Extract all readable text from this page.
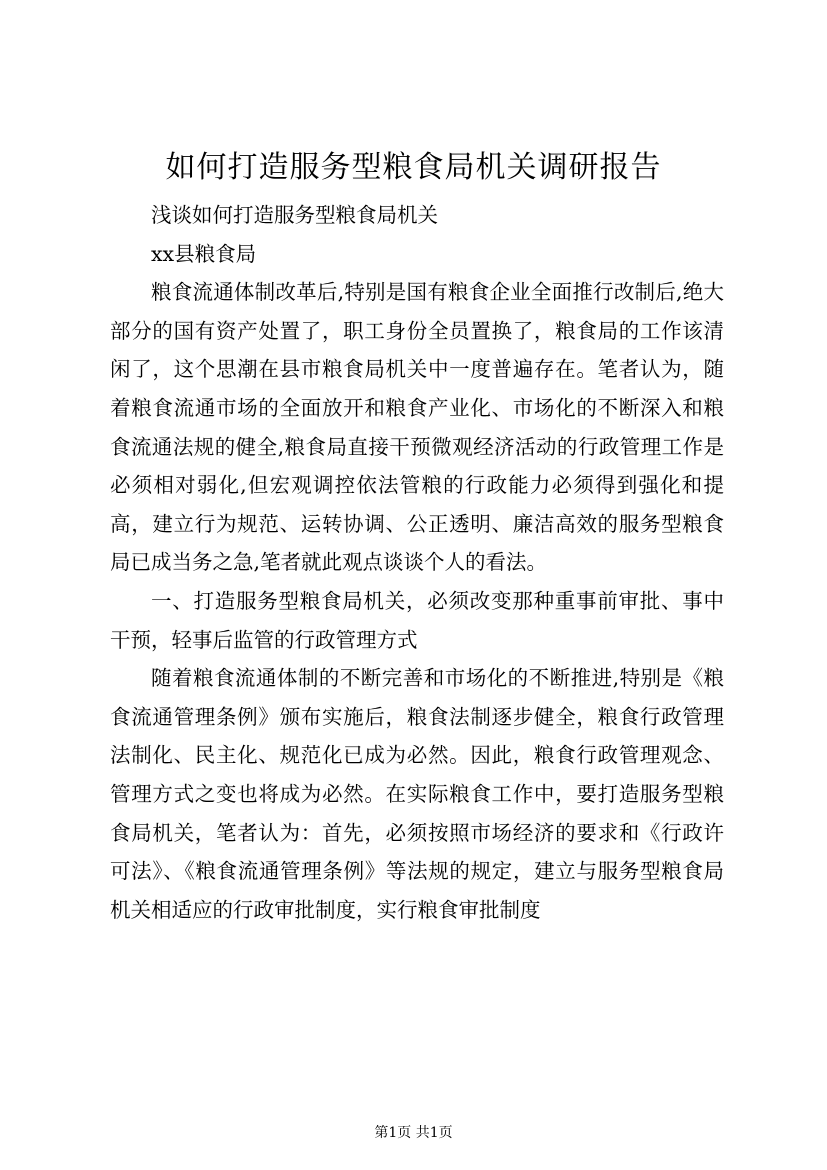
如何打造服务型粮食局机关调研报告

浅谈如何打造服务型粮食局机关

xx县粮食局

粮食流通体制改革后,特别是国有粮食企业全面推行改制后,绝大部分的国有资产处置了，职工身份全员置换了，粮食局的工作该清闲了，这个思潮在县市粮食局机关中一度普遍存在。笔者认为，随着粮食流通市场的全面放开和粮食产业化、市场化的不断深入和粮食流通法规的健全,粮食局直接干预微观经济活动的行政管理工作是必须相对弱化,但宏观调控依法管粮的行政能力必须得到强化和提高，建立行为规范、运转协调、公正透明、廉洁高效的服务型粮食局已成当务之急,笔者就此观点谈谈个人的看法。

一、打造服务型粮食局机关，必须改变那种重事前审批、事中干预，轻事后监管的行政管理方式

随着粮食流通体制的不断完善和市场化的不断推进,特别是《粮食流通管理条例》颁布实施后，粮食法制逐步健全，粮食行政管理法制化、民主化、规范化已成为必然。因此，粮食行政管理观念、管理方式之变也将成为必然。在实际粮食工作中，要打造服务型粮食局机关，笔者认为：首先，必须按照市场经济的要求和《行政许可法》、《粮食流通管理条例》等法规的规定，建立与服务型粮食局机关相适应的行政审批制度，实行粮食审批制度

第1页 共1页
